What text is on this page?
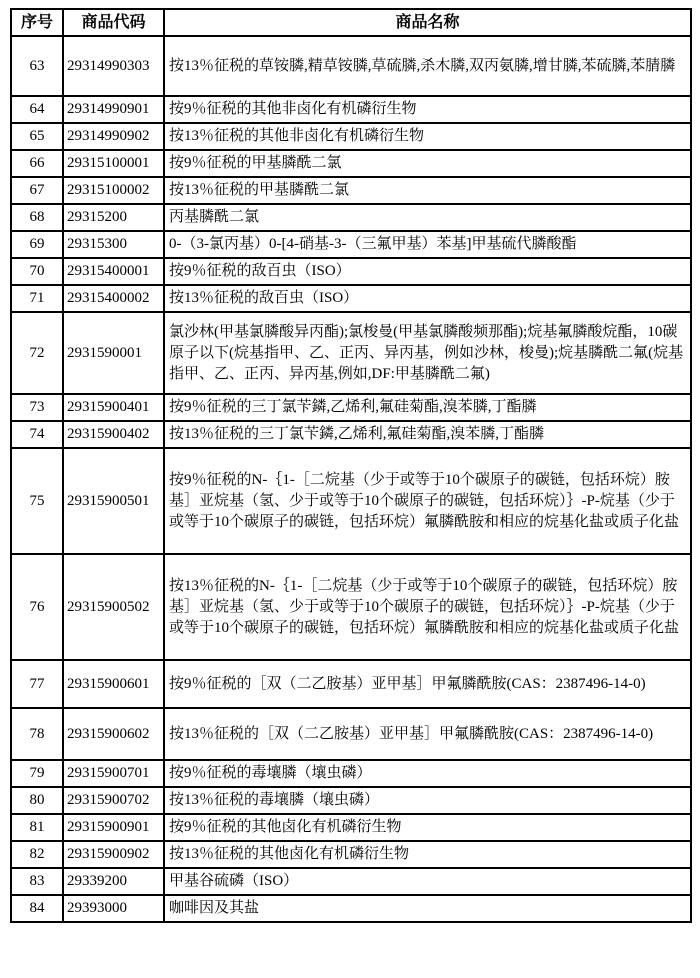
序号	商品代码	商品名称
63	29314990303	按13％征税的草铵膦,精草铵膦,草硫膦,杀木膦,双丙氨膦,增甘膦,苯硫膦,苯腈膦
64	29314990901	按9％征税的其他非卤化有机磷衍生物
65	29314990902	按13％征税的其他非卤化有机磷衍生物
66	29315100001	按9％征税的甲基膦酰二氯
67	29315100002	按13％征税的甲基膦酰二氯
68	29315200	丙基膦酰二氯
69	29315300	0-（3-氯丙基）0-[4-硝基-3-（三氟甲基）苯基]甲基硫代膦酸酯
70	29315400001	按9％征税的敌百虫（ISO）
71	29315400002	按13％征税的敌百虫（ISO）
72	2931590001	氯沙林(甲基氯膦酸异丙酯);氯梭曼(甲基氯膦酸频那酯);烷基氟膦酸烷酯，10碳原子以下(烷基指甲、乙、正丙、异丙基，例如沙林，梭曼);烷基膦酰二氟(烷基指甲、乙、正丙、异丙基,例如,DF:甲基膦酰二氟)
73	29315900401	按9％征税的三丁氯苄鏻,乙烯利,氟硅菊酯,溴苯膦,丁酯膦
74	29315900402	按13％征税的三丁氯苄鏻,乙烯利,氟硅菊酯,溴苯膦,丁酯膦
75	29315900501	按9％征税的N-｛1-［二烷基（少于或等于10个碳原子的碳链，包括环烷）胺基］亚烷基（氢、少于或等于10个碳原子的碳链，包括环烷）｝-P-烷基（少于或等于10个碳原子的碳链，包括环烷）氟膦酰胺和相应的烷基化盐或质子化盐
76	29315900502	按13％征税的N-｛1-［二烷基（少于或等于10个碳原子的碳链，包括环烷）胺基］亚烷基（氢、少于或等于10个碳原子的碳链，包括环烷）｝-P-烷基（少于或等于10个碳原子的碳链，包括环烷）氟膦酰胺和相应的烷基化盐或质子化盐
77	29315900601	按9％征税的［双（二乙胺基）亚甲基］甲氟膦酰胺(CAS：2387496-14-0)
78	29315900602	按13％征税的［双（二乙胺基）亚甲基］甲氟膦酰胺(CAS：2387496-14-0)
79	29315900701	按9％征税的毒壤膦（壤虫磷）
80	29315900702	按13％征税的毒壤膦（壤虫磷）
81	29315900901	按9％征税的其他卤化有机磷衍生物
82	29315900902	按13％征税的其他卤化有机磷衍生物
83	29339200	甲基谷硫磷（ISO）
84	29393000	咖啡因及其盐
